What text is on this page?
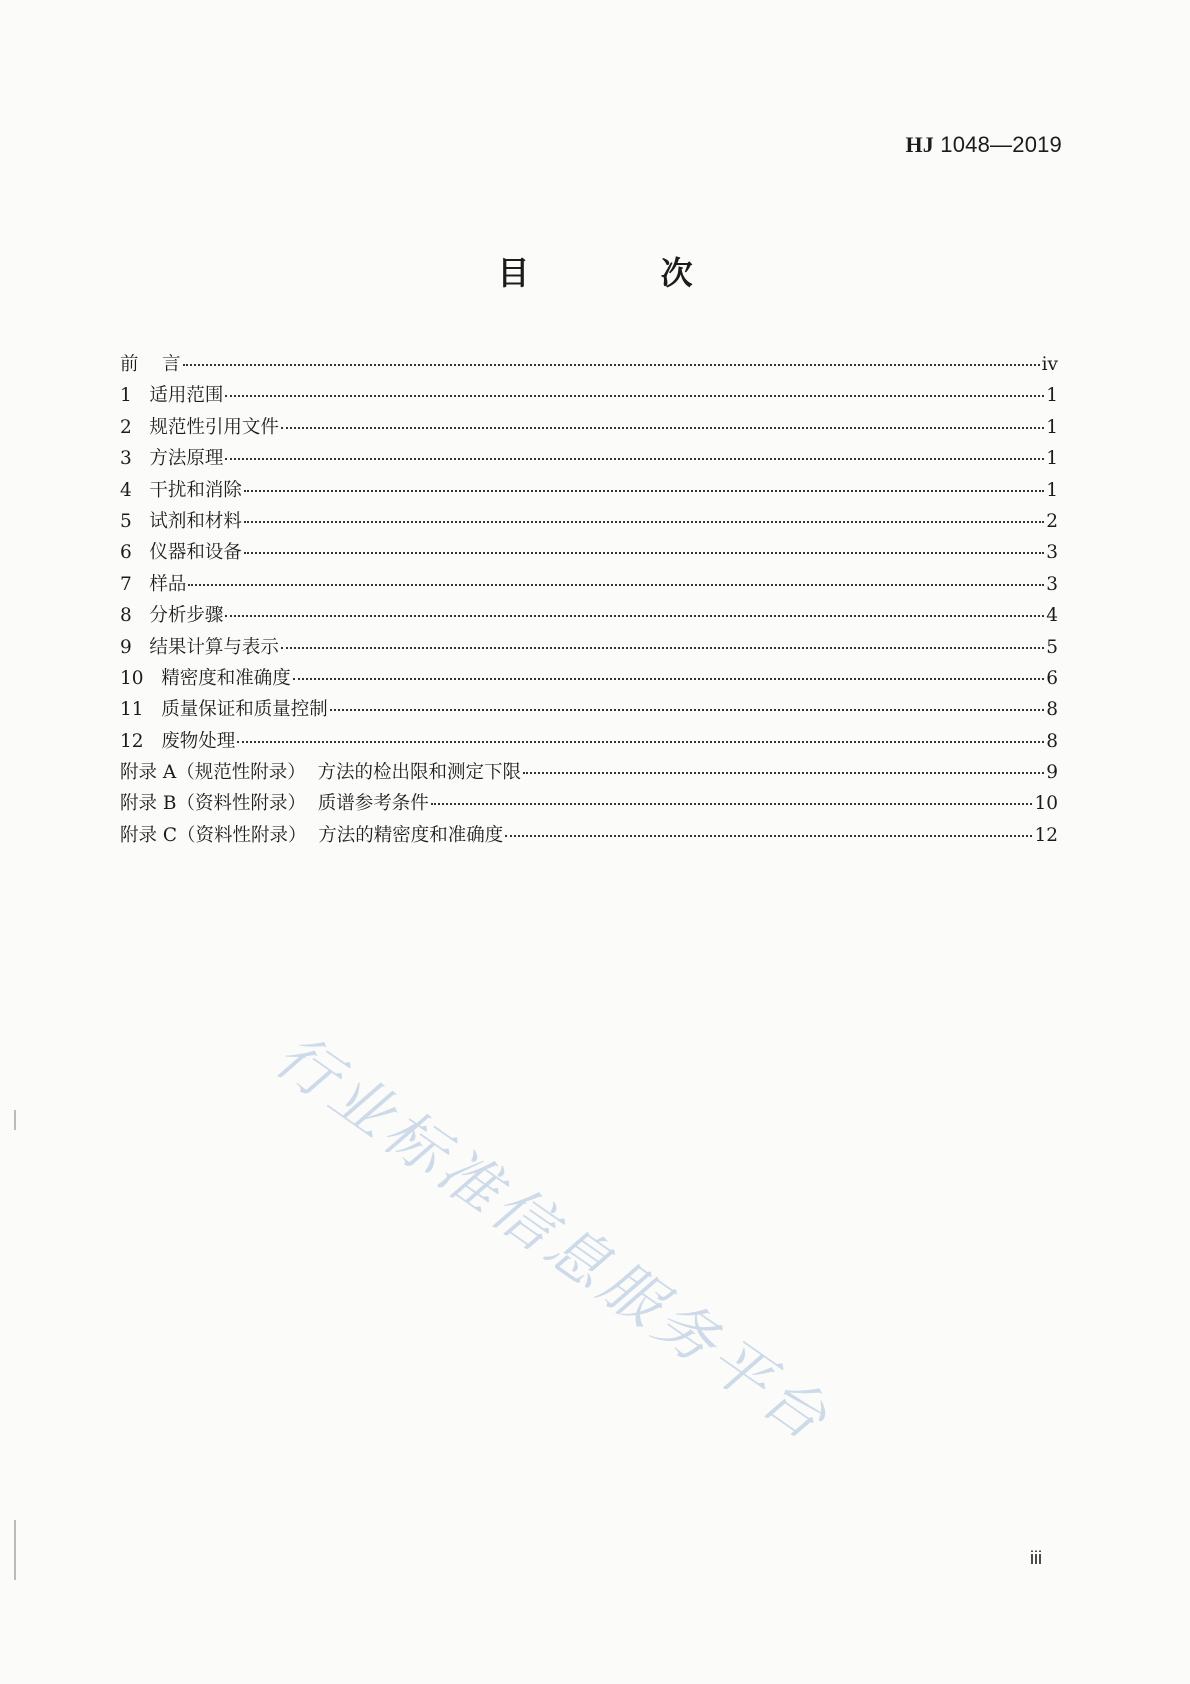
HJ 1048—2019
目 次
前    言	iv
1 适用范围	1
2 规范性引用文件	1
3 方法原理	1
4 干扰和消除	1
5 试剂和材料	2
6 仪器和设备	3
7 样品	3
8 分析步骤	4
9 结果计算与表示	5
10 精密度和准确度	6
11 质量保证和质量控制	8
12 废物处理	8
附录 A（规范性附录）  方法的检出限和测定下限	9
附录 B（资料性附录）  质谱参考条件	10
附录 C（资料性附录）  方法的精密度和准确度	12
行业标准信息服务平台
iii
